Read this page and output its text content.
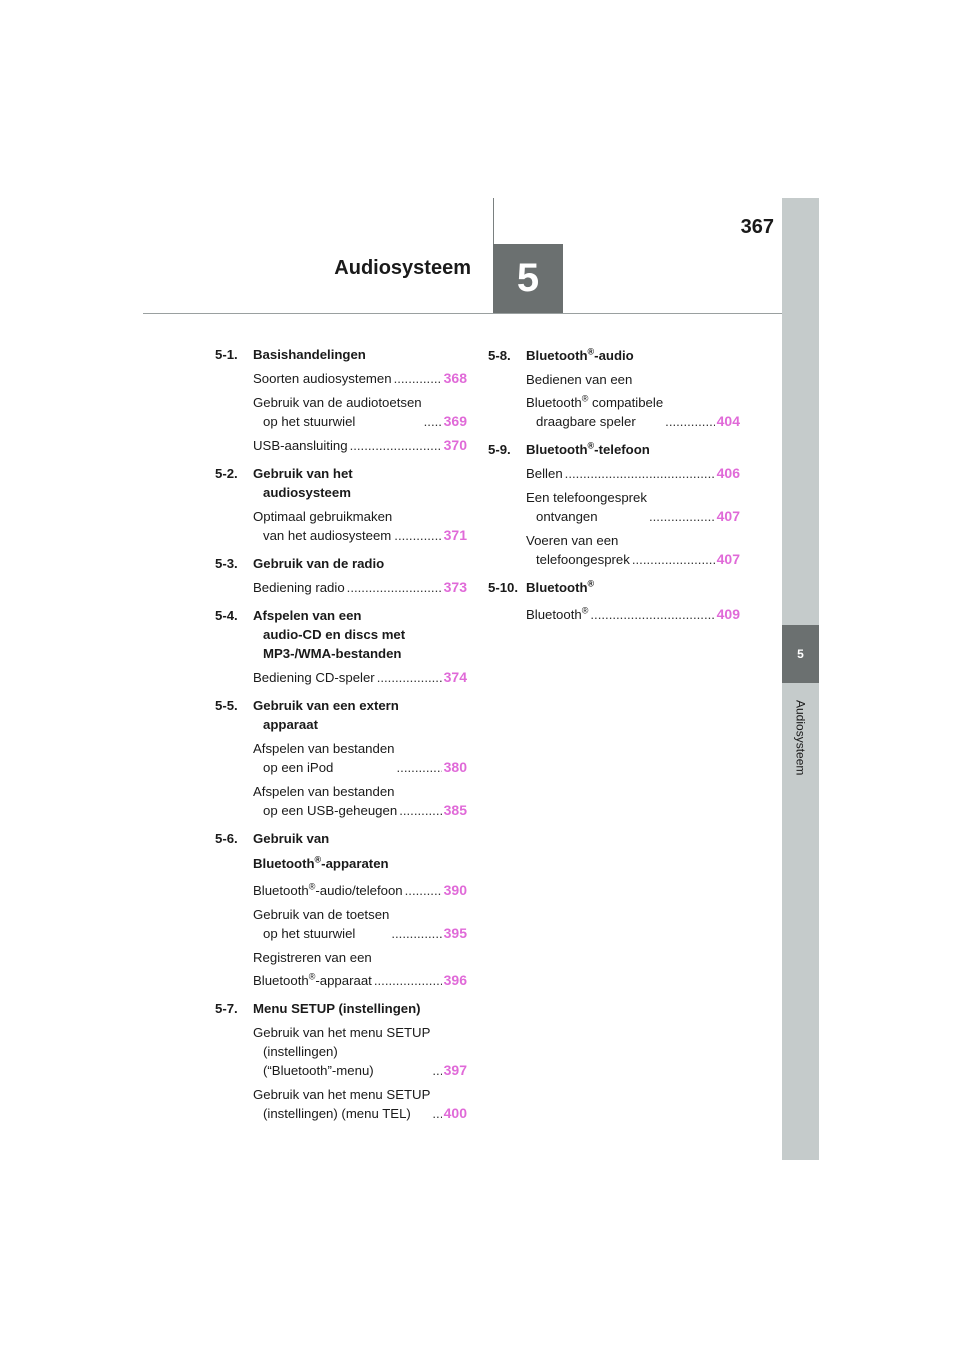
5
Audiosysteem
367
5
Audiosysteem
5-1. Basishandelingen
Soorten audiosystemen .....	368
Gebruik van de audiotoetsen
op het stuurwiel .....	369
USB-aansluiting .....	370
5-2. Gebruik van het
audiosysteem
Optimaal gebruikmaken
van het audiosysteem .....	371
5-3. Gebruik van de radio
Bediening radio .....	373
5-4. Afspelen van een
audio-CD en discs met
MP3-/WMA-bestanden
Bediening CD-speler .....	374
5-5. Gebruik van een extern
apparaat
Afspelen van bestanden
op een iPod .....	380
Afspelen van bestanden
op een USB-geheugen .....	385
5-6. Gebruik van
Bluetooth®-apparaten
Bluetooth®-audio/telefoon .....	390
Gebruik van de toetsen
op het stuurwiel .....	395
Registreren van een
Bluetooth®-apparaat .....	396
5-7. Menu SETUP (instellingen)
Gebruik van het menu SETUP
(instellingen)
(“Bluetooth”-menu) .....	397
Gebruik van het menu SETUP
(instellingen) (menu TEL) .....	400
5-8. Bluetooth®-audio
Bedienen van een
Bluetooth® compatibele
draagbare speler .....	404
5-9. Bluetooth®-telefoon
Bellen .....	406
Een telefoongesprek
ontvangen .....	407
Voeren van een
telefoongesprek .....	407
5-10. Bluetooth®
Bluetooth® .....	409
